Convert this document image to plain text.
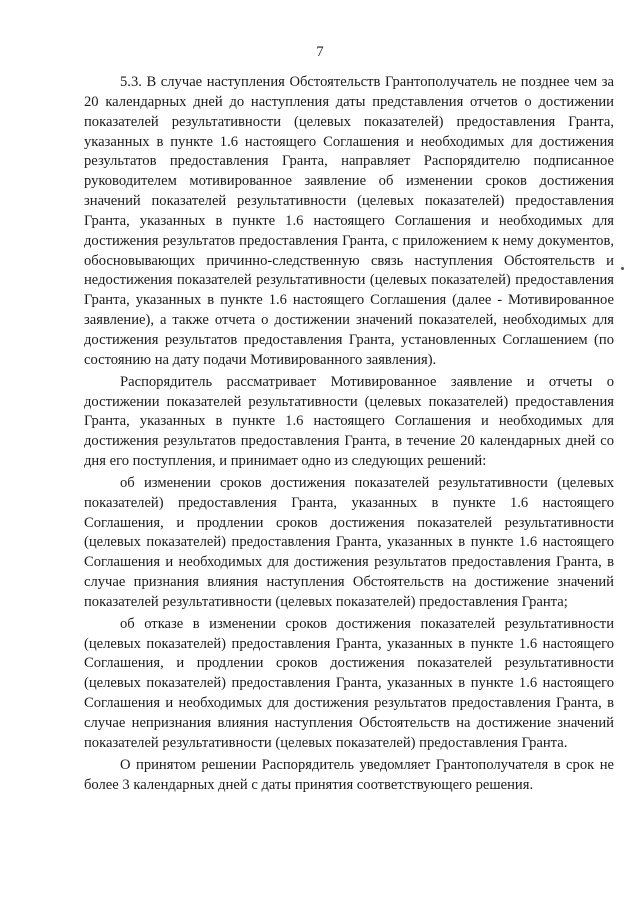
7

5.3. В случае наступления Обстоятельств Грантополучатель не позднее чем за 20 календарных дней до наступления даты представления отчетов о достижении показателей результативности (целевых показателей) предоставления Гранта, указанных в пункте 1.6 настоящего Соглашения и необходимых для достижения результатов предоставления Гранта, направляет Распорядителю подписанное руководителем мотивированное заявление об изменении сроков достижения значений показателей результативности (целевых показателей) предоставления Гранта, указанных в пункте 1.6 настоящего Соглашения и необходимых для достижения результатов предоставления Гранта, с приложением к нему документов, обосновывающих причинно-следственную связь наступления Обстоятельств и недостижения показателей результативности (целевых показателей) предоставления Гранта, указанных в пункте 1.6 настоящего Соглашения (далее - Мотивированное заявление), а также отчета о достижении значений показателей, необходимых для достижения результатов предоставления Гранта, установленных Соглашением (по состоянию на дату подачи Мотивированного заявления).

Распорядитель рассматривает Мотивированное заявление и отчеты о достижении показателей результативности (целевых показателей) предоставления Гранта, указанных в пункте 1.6 настоящего Соглашения и необходимых для достижения результатов предоставления Гранта, в течение 20 календарных дней со дня его поступления, и принимает одно из следующих решений:

об изменении сроков достижения показателей результативности (целевых показателей) предоставления Гранта, указанных в пункте 1.6 настоящего Соглашения, и продлении сроков достижения показателей результативности (целевых показателей) предоставления Гранта, указанных в пункте 1.6 настоящего Соглашения и необходимых для достижения результатов предоставления Гранта, в случае признания влияния наступления Обстоятельств на достижение значений показателей результативности (целевых показателей) предоставления Гранта;

об отказе в изменении сроков достижения показателей результативности (целевых показателей) предоставления Гранта, указанных в пункте 1.6 настоящего Соглашения, и продлении сроков достижения показателей результативности (целевых показателей) предоставления Гранта, указанных в пункте 1.6 настоящего Соглашения и необходимых для достижения результатов предоставления Гранта, в случае непризнания влияния наступления Обстоятельств на достижение значений показателей результативности (целевых показателей) предоставления Гранта.

О принятом решении Распорядитель уведомляет Грантополучателя в срок не более 3 календарных дней с даты принятия соответствующего решения.
